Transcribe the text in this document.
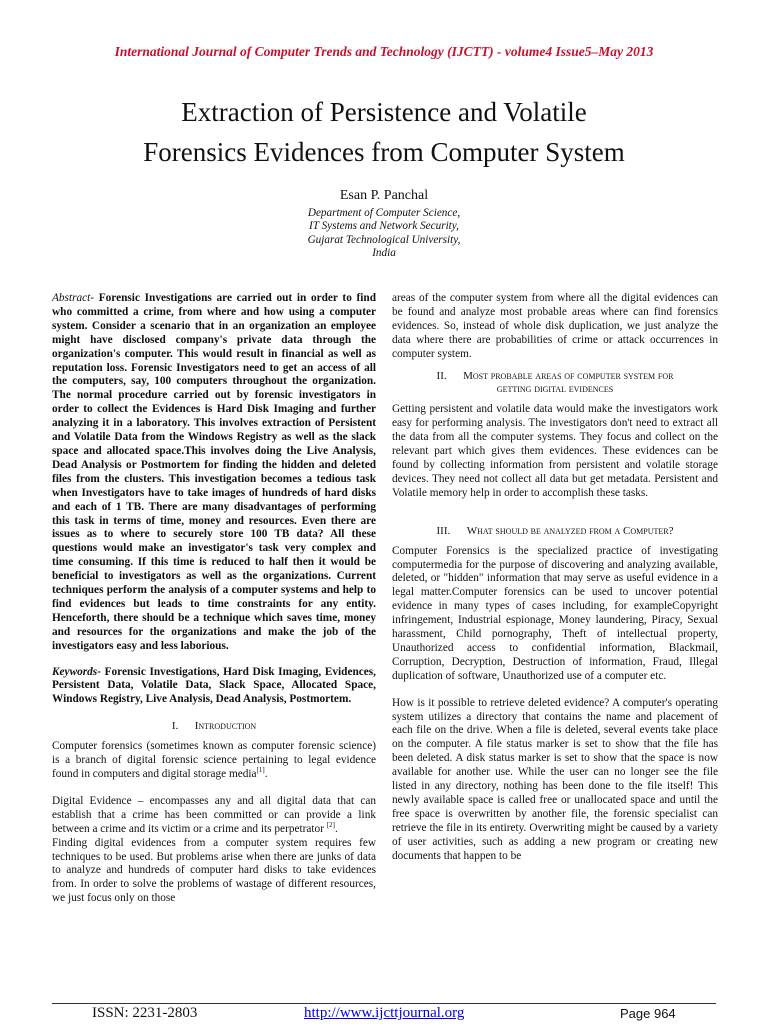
International Journal of Computer Trends and Technology (IJCTT) - volume4 Issue5–May 2013
Extraction of Persistence and Volatile
Forensics Evidences from Computer System
Esan P. Panchal
Department of Computer Science,
IT Systems and Network Security,
Gujarat Technological University,
India

Abstract- Forensic Investigations are carried out in order to find who committed a crime, from where and how using a computer system. Consider a scenario that in an organization an employee might have disclosed company's private data through the organization's computer. This would result in financial as well as reputation loss. Forensic Investigators need to get an access of all the computers, say, 100 computers throughout the organization. The normal procedure carried out by forensic investigators in order to collect the Evidences is Hard Disk Imaging and further analyzing it in a laboratory. This involves extraction of Persistent and Volatile Data from the Windows Registry as well as the slack space and allocated space.This involves doing the Live Analysis, Dead Analysis or Postmortem for finding the hidden and deleted files from the clusters. This investigation becomes a tedious task when Investigators have to take images of hundreds of hard disks and each of 1 TB. There are many disadvantages of performing this task in terms of time, money and resources. Even there are issues as to where to securely store 100 TB data? All these questions would make an investigator's task very complex and time consuming. If this time is reduced to half then it would be beneficial to investigators as well as the organizations. Current techniques perform the analysis of a computer systems and help to find evidences but leads to time constraints for any entity. Henceforth, there should be a technique which saves time, money and resources for the organizations and make the job of the investigators easy and less laborious.

Keywords- Forensic Investigations, Hard Disk Imaging, Evidences, Persistent Data, Volatile Data, Slack Space, Allocated Space, Windows Registry, Live Analysis, Dead Analysis, Postmortem.

I. Introduction

Computer forensics (sometimes known as computer forensic science) is a branch of digital forensic science pertaining to legal evidence found in computers and digital storage media[1].

Digital Evidence – encompasses any and all digital data that can establish that a crime has been committed or can provide a link between a crime and its victim or a crime and its perpetrator [2].

Finding digital evidences from a computer system requires few techniques to be used. But problems arise when there are junks of data to analyze and hundreds of computer hard disks to take evidences from. In order to solve the problems of wastage of different resources, we just focus only on those

areas of the computer system from where all the digital evidences can be found and analyze most probable areas where can find forensics evidences. So, instead of whole disk duplication, we just analyze the data where there are probabilities of crime or attack occurrences in computer system.

II. Most probable areas of computer system for

getting digital evidences

Getting persistent and volatile data would make the investigators work easy for performing analysis. The investigators don't need to extract all the data from all the computer systems. They focus and collect on the relevant part which gives them evidences. These evidences can be found by collecting information from persistent and volatile storage devices. They need not collect all data but get metadata. Persistent and Volatile memory help in order to accomplish these tasks.

III. What should be analyzed from a Computer?

Computer Forensics is the specialized practice of investigating computermedia for the purpose of discovering and analyzing available, deleted, or "hidden" information that may serve as useful evidence in a legal matter.Computer forensics can be used to uncover potential evidence in many types of cases including, for exampleCopyright infringement, Industrial espionage, Money laundering, Piracy, Sexual harassment, Child pornography, Theft of intellectual property, Unauthorized access to confidential information, Blackmail, Corruption, Decryption, Destruction of information, Fraud, Illegal duplication of software, Unauthorized use of a computer etc.

How is it possible to retrieve deleted evidence? A computer's operating system utilizes a directory that contains the name and placement of each file on the drive. When a file is deleted, several events take place on the computer. A file status marker is set to show that the file has been deleted. A disk status marker is set to show that the space is now available for another use. While the user can no longer see the file listed in any directory, nothing has been done to the file itself! This newly available space is called free or unallocated space and until the free space is overwritten by another file, the forensic specialist can retrieve the file in its entirety. Overwriting might be caused by a variety of user activities, such as adding a new program or creating new documents that happen to be

ISSN: 2231-2803	http://www.ijcttjournal.org	Page 964
